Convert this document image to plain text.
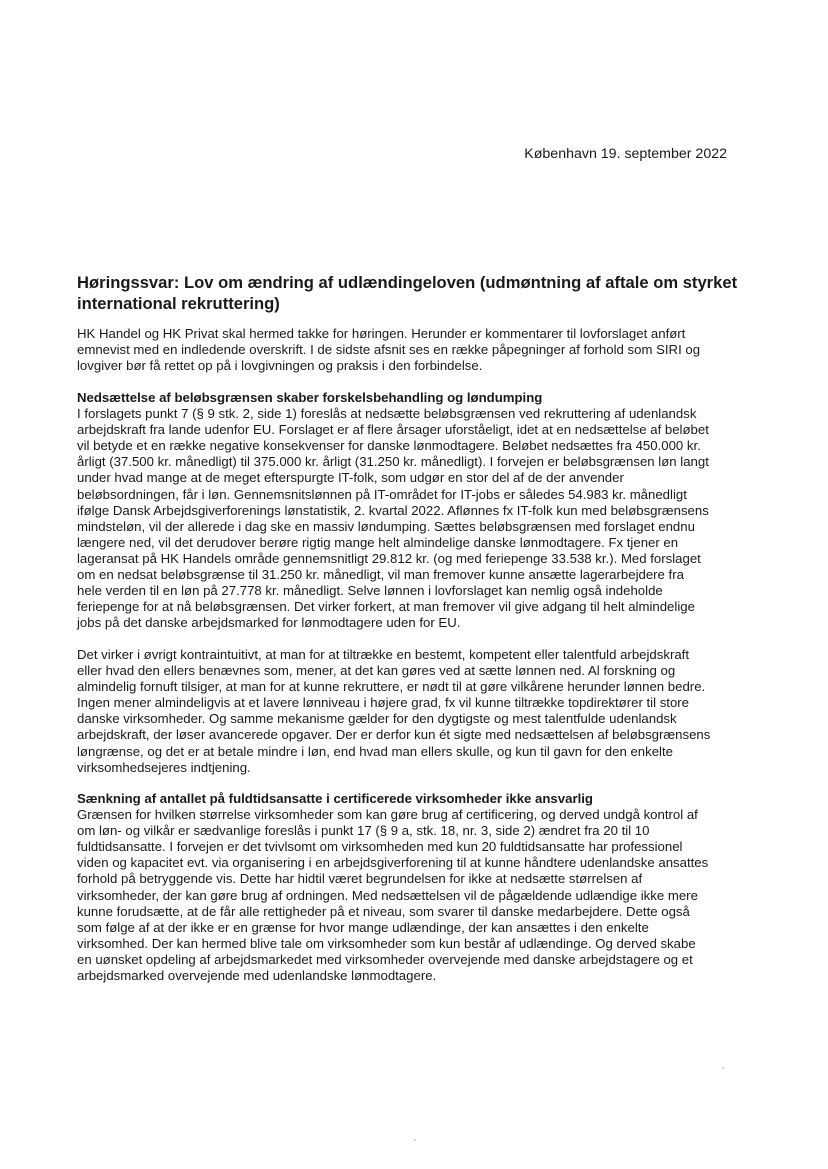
København 19. september 2022
Høringssvar: Lov om ændring af udlændingeloven (udmøntning af aftale om styrket
international rekruttering)
HK Handel og HK Privat skal hermed takke for høringen. Herunder er kommentarer til lovforslaget anført
emnevist med en indledende overskrift. I de sidste afsnit ses en række påpegninger af forhold som SIRI og
lovgiver bør få rettet op på i lovgivningen og praksis i den forbindelse.
Nedsættelse af beløbsgrænsen skaber forskelsbehandling og løndumping
I forslagets punkt 7 (§ 9 stk. 2, side 1) foreslås at nedsætte beløbsgrænsen ved rekruttering af udenlandsk
arbejdskraft fra lande udenfor EU. Forslaget er af flere årsager uforståeligt, idet at en nedsættelse af beløbet
vil betyde et en række negative konsekvenser for danske lønmodtagere. Beløbet nedsættes fra 450.000 kr.
årligt (37.500 kr. månedligt) til 375.000 kr. årligt (31.250 kr. månedligt). I forvejen er beløbsgrænsen løn langt
under hvad mange at de meget efterspurgte IT-folk, som udgør en stor del af de der anvender
beløbsordningen, får i løn. Gennemsnitslønnen på IT-området for IT-jobs er således 54.983 kr. månedligt
ifølge Dansk Arbejdsgiverforenings lønstatistik, 2. kvartal 2022. Aflønnes fx IT-folk kun med beløbsgrænsens
mindsteløn, vil der allerede i dag ske en massiv løndumping. Sættes beløbsgrænsen med forslaget endnu
længere ned, vil det derudover berøre rigtig mange helt almindelige danske lønmodtagere. Fx tjener en
lageransat på HK Handels område gennemsnitligt 29.812 kr. (og med feriepenge 33.538 kr.). Med forslaget
om en nedsat beløbsgrænse til 31.250 kr. månedligt, vil man fremover kunne ansætte lagerarbejdere fra
hele verden til en løn på 27.778 kr. månedligt. Selve lønnen i lovforslaget kan nemlig også indeholde
feriepenge for at nå beløbsgrænsen. Det virker forkert, at man fremover vil give adgang til helt almindelige
jobs på det danske arbejdsmarked for lønmodtagere uden for EU.
Det virker i øvrigt kontraintuitivt, at man for at tiltrække en bestemt, kompetent eller talentfuld arbejdskraft
eller hvad den ellers benævnes som, mener, at det kan gøres ved at sætte lønnen ned. Al forskning og
almindelig fornuft tilsiger, at man for at kunne rekruttere, er nødt til at gøre vilkårene herunder lønnen bedre.
Ingen mener almindeligvis at et lavere lønniveau i højere grad, fx vil kunne tiltrække topdirektører til store
danske virksomheder. Og samme mekanisme gælder for den dygtigste og mest talentfulde udenlandsk
arbejdskraft, der løser avancerede opgaver. Der er derfor kun ét sigte med nedsættelsen af beløbsgrænsens
løngrænse, og det er at betale mindre i løn, end hvad man ellers skulle, og kun til gavn for den enkelte
virksomhedsejeres indtjening.
Sænkning af antallet på fuldtidsansatte i certificerede virksomheder ikke ansvarlig
Grænsen for hvilken størrelse virksomheder som kan gøre brug af certificering, og derved undgå kontrol af
om løn- og vilkår er sædvanlige foreslås i punkt 17 (§ 9 a, stk. 18, nr. 3, side 2) ændret fra 20 til 10
fuldtidsansatte. I forvejen er det tvivlsomt om virksomheden med kun 20 fuldtidsansatte har professionel
viden og kapacitet evt. via organisering i en arbejdsgiverforening til at kunne håndtere udenlandske ansattes
forhold på betryggende vis. Dette har hidtil været begrundelsen for ikke at nedsætte størrelsen af
virksomheder, der kan gøre brug af ordningen. Med nedsættelsen vil de pågældende udlændige ikke mere
kunne forudsætte, at de får alle rettigheder på et niveau, som svarer til danske medarbejdere. Dette også
som følge af at der ikke er en grænse for hvor mange udlændinge, der kan ansættes i den enkelte
virksomhed. Der kan hermed blive tale om virksomheder som kun består af udlændinge. Og derved skabe
en uønsket opdeling af arbejdsmarkedet med virksomheder overvejende med danske arbejdstagere og et
arbejdsmarked overvejende med udenlandske lønmodtagere.
